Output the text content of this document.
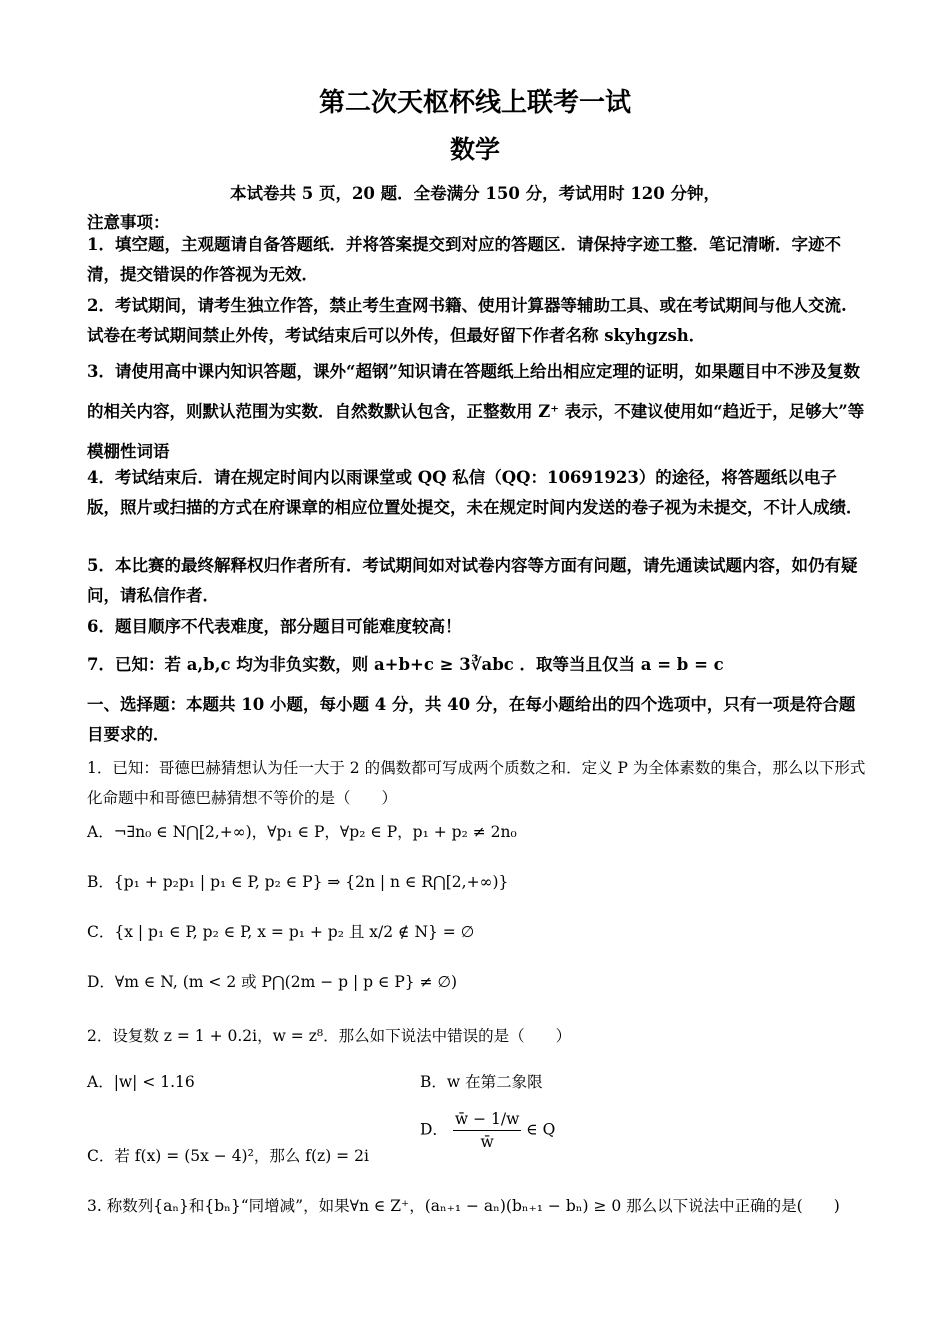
第二次天枢杯线上联考一试
数学
本试卷共 5 页，20 题．全卷满分 150 分，考试用时 120 分钟，
注意事项：
1．填空题，主观题请自备答题纸．并将答案提交到对应的答题区．请保持字迹工整．笔记清晰．字迹不清，提交错误的作答视为无效．
2．考试期间，请考生独立作答，禁止考生查网书籍、使用计算器等辅助工具、或在考试期间与他人交流. 试卷在考试期间禁止外传，考试结束后可以外传，但最好留下作者名称 skyhgzsh．
3．请使用高中课内知识答题，课外“超钢”知识请在答题纸上给出相应定理的证明，如果题目中不涉及复数的相关内容，则默认范围为实数．自然数默认包含，正整数用 Z⁺ 表示，不建议使用如“趋近于，足够大”等模棚性词语
4．考试结束后．请在规定时间内以雨课堂或 QQ 私信（QQ：10691923）的途径，将答题纸以电子版，照片或扫描的方式在府课章的相应位置处提交，未在规定时间内发送的卷子视为未提交，不计人成绩．
5．本比赛的最终解释权归作者所有．考试期间如对试卷内容等方面有问题，请先通读试题内容，如仍有疑问，请私信作者．
6．题目顺序不代表难度，部分题目可能难度较高！
7．已知：若 a,b,c 均为非负实数，则 a+b+c ≥ 3∛abc ．取等当且仅当 a = b = c
一、选择题：本题共 10 小题，每小题 4 分，共 40 分，在每小题给出的四个选项中，只有一项是符合题目要求的．
1．已知：哥德巴赫猜想认为任一大于 2 的偶数都可写成两个质数之和．定义 P 为全体素数的集合，那么以下形式化命题中和哥德巴赫猜想不等价的是（　　）
A．¬∃n₀ ∈ N⋂[2,+∞)，∀p₁ ∈ P，∀p₂ ∈ P，p₁ + p₂ ≠ 2n₀
B．{p₁ + p₂p₁ | p₁ ∈ P, p₂ ∈ P} ⇒ {2n | n ∈ R⋂[2,+∞)}
C．{x | p₁ ∈ P, p₂ ∈ P, x = p₁ + p₂ 且 x/2 ∉ N} = ∅
D．∀m ∈ N, (m < 2 或 P⋂(2m − p | p ∈ P} ≠ ∅)
2．设复数 z = 1 + 0.2i，w = z⁸．那么如下说法中错误的是（　　）
A．|w| < 1.16	B．w 在第二象限
C．若 f(x) = (5x − 4)²，那么 f(z) = 2i
D． $\frac{w̄ - 1/w}{w̄}$ ∈ Q
3. 称数列{aₙ}和{bₙ}“同增减”，如果∀n ∈ Z⁺，(aₙ₊₁ − aₙ)(bₙ₊₁ − bₙ) ≥ 0 那么以下说法中正确的是(　　)
